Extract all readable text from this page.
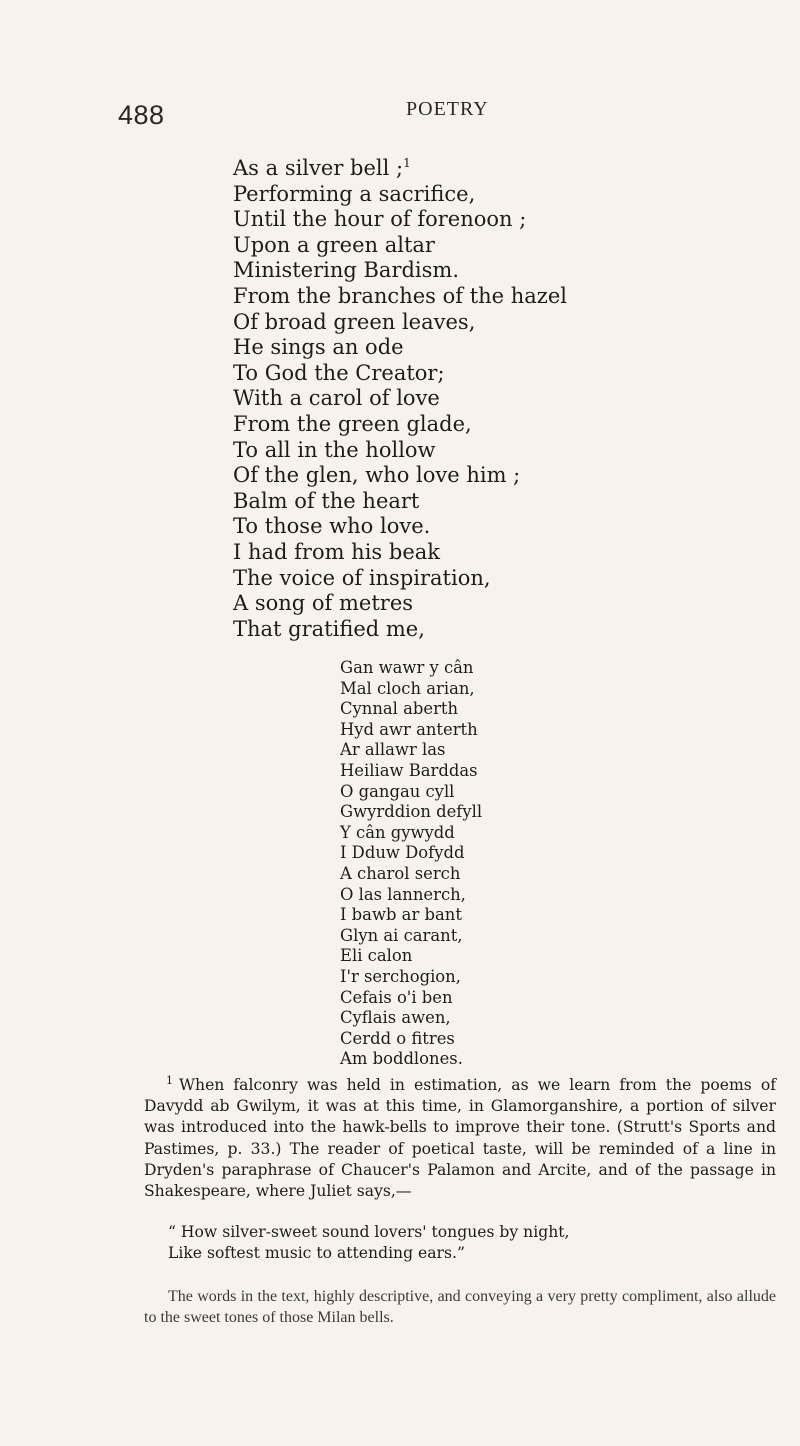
488	POETRY
As a silver bell ;$^1$
Performing a sacrifice,
Until the hour of forenoon ;
Upon a green altar
Ministering Bardism.
From the branches of the hazel
Of broad green leaves,
He sings an ode
To God the Creator;
With a carol of love
From the green glade,
To all in the hollow
Of the glen, who love him ;
Balm of the heart
To those who love.
I had from his beak
The voice of inspiration,
A song of metres
That gratified me,
Gan wawr y cân
Mal cloch arian,
Cynnal aberth
Hyd awr anterth
Ar allawr las
Heiliaw Barddas
O gangau cyll
Gwyrddion defyll
Y cân gywydd
I Dduw Dofydd
A charol serch
O las lannerch,
I bawb ar bant
Glyn ai carant,
Eli calon
I'r serchogion,
Cefais o'i ben
Cyflais awen,
Cerdd o fitres
Am boddlones.

$^1$ When falconry was held in estimation, as we learn from the poems of Davydd ab Gwilym, it was at this time, in Glamorganshire, a portion of silver was introduced into the hawk-bells to improve their tone. (Strutt's Sports and Pastimes, p. 33.) The reader of poetical taste, will be reminded of a line in Dryden's paraphrase of Chaucer's Palamon and Arcite, and of the passage in Shakespeare, where Juliet says,—

“ How silver-sweet sound lovers' tongues by night,
Like softest music to attending ears.”

The words in the text, highly descriptive, and conveying a very pretty compliment, also allude to the sweet tones of those Milan bells.
